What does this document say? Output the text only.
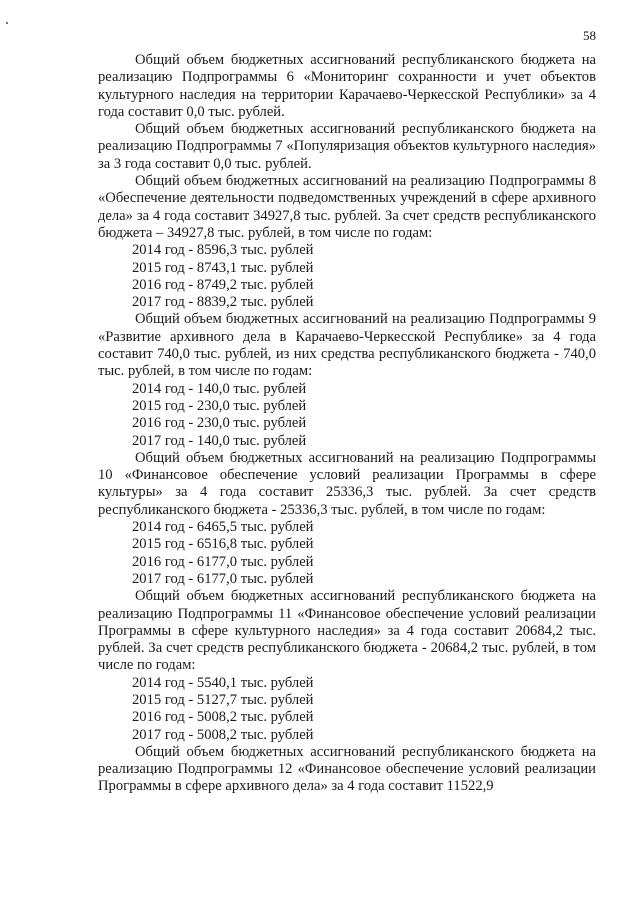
58

Общий объем бюджетных ассигнований республиканского бюджета на реализацию Подпрограммы 6 «Мониторинг сохранности и учет объектов культурного наследия на территории Карачаево-Черкесской Республики» за 4 года составит 0,0 тыс. рублей.

Общий объем бюджетных ассигнований республиканского бюджета на реализацию Подпрограммы 7 «Популяризация объектов культурного наследия» за 3 года составит 0,0 тыс. рублей.

Общий объем бюджетных ассигнований на реализацию Подпрограммы 8 «Обеспечение деятельности подведомственных учреждений в сфере архивного дела» за 4 года составит 34927,8 тыс. рублей. За счет средств республиканского бюджета – 34927,8 тыс. рублей, в том числе по годам:

2014 год - 8596,3 тыс. рублей
2015 год - 8743,1 тыс. рублей
2016 год - 8749,2 тыс. рублей
2017 год - 8839,2 тыс. рублей

Общий объем бюджетных ассигнований на реализацию Подпрограммы 9 «Развитие архивного дела в Карачаево-Черкесской Республике» за 4 года составит 740,0 тыс. рублей, из них средства республиканского бюджета - 740,0 тыс. рублей, в том числе по годам:

2014 год - 140,0 тыс. рублей
2015 год - 230,0 тыс. рублей
2016 год - 230,0 тыс. рублей
2017 год - 140,0 тыс. рублей

Общий объем бюджетных ассигнований на реализацию Подпрограммы 10 «Финансовое обеспечение условий реализации Программы в сфере культуры» за 4 года составит 25336,3 тыс. рублей. За счет средств республиканского бюджета - 25336,3 тыс. рублей, в том числе по годам:

2014 год - 6465,5 тыс. рублей
2015 год - 6516,8 тыс. рублей
2016 год - 6177,0 тыс. рублей
2017 год - 6177,0 тыс. рублей

Общий объем бюджетных ассигнований республиканского бюджета на реализацию Подпрограммы 11 «Финансовое обеспечение условий реализации Программы в сфере культурного наследия» за 4 года составит 20684,2 тыс. рублей. За счет средств республиканского бюджета - 20684,2 тыс. рублей, в том числе по годам:

2014 год - 5540,1 тыс. рублей
2015 год - 5127,7 тыс. рублей
2016 год - 5008,2 тыс. рублей
2017 год - 5008,2 тыс. рублей

Общий объем бюджетных ассигнований республиканского бюджета на реализацию Подпрограммы 12 «Финансовое обеспечение условий реализации Программы в сфере архивного дела» за 4 года составит 11522,9
